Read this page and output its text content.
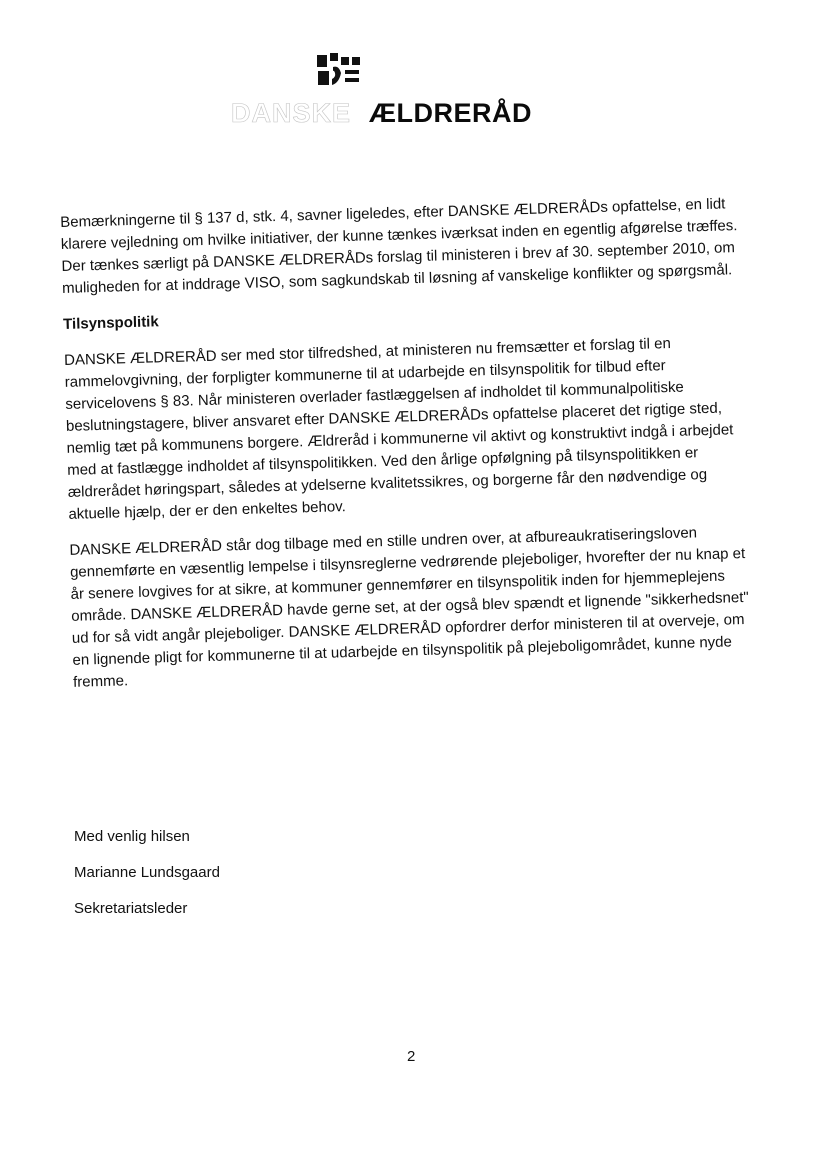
DANSKE ÆLDRERÅD

Bemærkningerne til § 137 d, stk. 4, savner ligeledes, efter DANSKE ÆLDRERÅDs opfattelse, en lidt klarere vejledning om hvilke initiativer, der kunne tænkes iværksat inden en egentlig afgørelse træffes. Der tænkes særligt på DANSKE ÆLDRERÅDs forslag til ministeren i brev af 30. september 2010, om muligheden for at inddrage VISO, som sagkundskab til løsning af vanskelige konflikter og spørgsmål.

Tilsynspolitik

DANSKE ÆLDRERÅD ser med stor tilfredshed, at ministeren nu fremsætter et forslag til en rammelovgivning, der forpligter kommunerne til at udarbejde en tilsynspolitik for tilbud efter servicelovens § 83. Når ministeren overlader fastlæggelsen af indholdet til kommunalpolitiske beslutningstagere, bliver ansvaret efter DANSKE ÆLDRERÅDs opfattelse placeret det rigtige sted, nemlig tæt på kommunens borgere. Ældreråd i kommunerne vil aktivt og konstruktivt indgå i arbejdet med at fastlægge indholdet af tilsynspolitikken. Ved den årlige opfølgning på tilsynspolitikken er ældrerådet høringspart, således at ydelserne kvalitetssikres, og borgerne får den nødvendige og aktuelle hjælp, der er den enkeltes behov.

DANSKE ÆLDRERÅD står dog tilbage med en stille undren over, at afbureaukratiseringsloven gennemførte en væsentlig lempelse i tilsynsreglerne vedrørende plejeboliger, hvorefter der nu knap et år senere lovgives for at sikre, at kommuner gennemfører en tilsynspolitik inden for hjemmeplejens område. DANSKE ÆLDRERÅD havde gerne set, at der også blev spændt et lignende "sikkerhedsnet" ud for så vidt angår plejeboliger. DANSKE ÆLDRERÅD opfordrer derfor ministeren til at overveje, om en lignende pligt for kommunerne til at udarbejde en tilsynspolitik på plejeboligområdet, kunne nyde fremme.

Med venlig hilsen
Marianne Lundsgaard
Sekretariatsleder
2
